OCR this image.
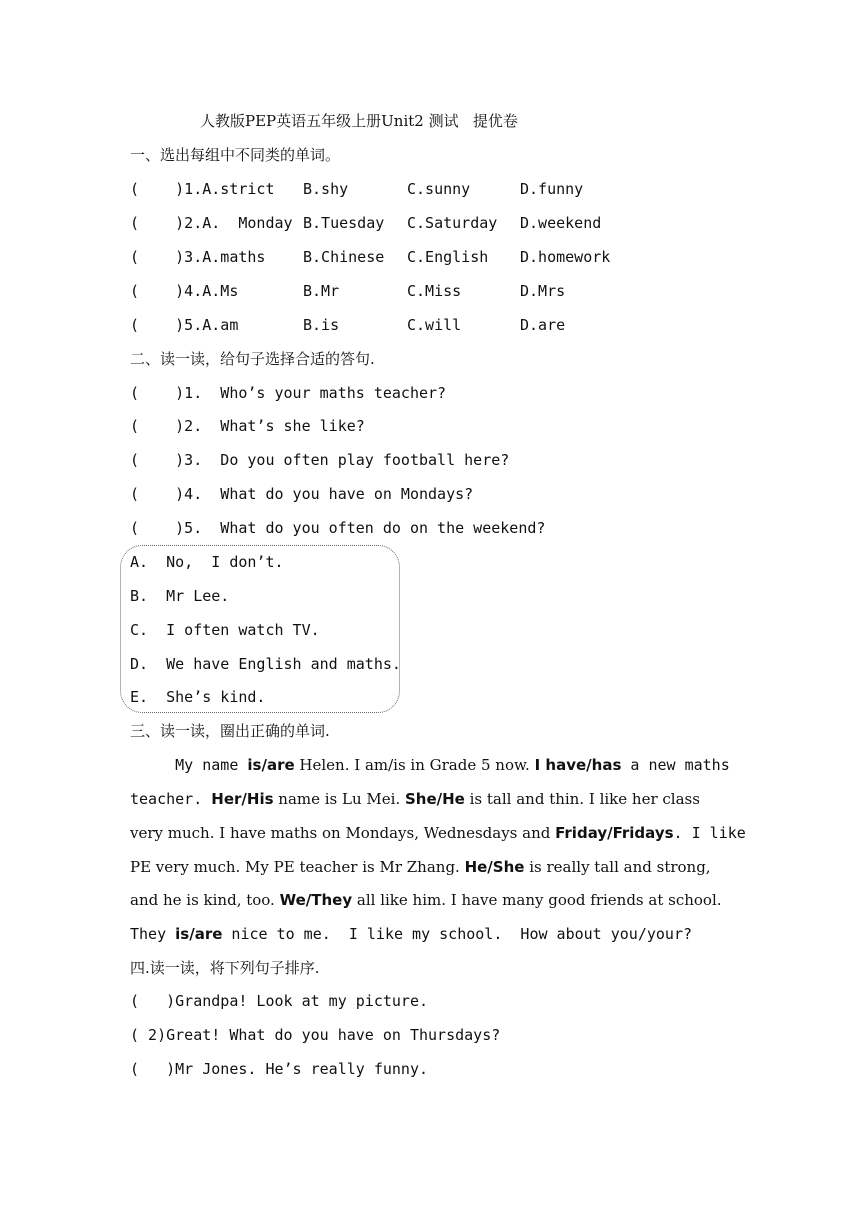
人教版PEP英语五年级上册Unit2 测试   提优卷
一、选出每组中不同类的单词。

(    )1.A.strict

B.shy

	C.sunny

	D.funny

(    )2.A.  Monday

B.Tuesday

C.Saturday

D.weekend

(    )3.A.maths

	B.Chinese

C.English

D.homework

(    )4.A.Ms

	B.Mr

	C.Miss

	D.Mrs

(    )5.A.am

	B.is

	C.will

	D.are

二、读一读，给句子选择合适的答句.
(    )1.  Who’s your maths teacher?
(    )2.  What’s she like?
(    )3.  Do you often play football here?
(    )4.  What do you have on Mondays?
(    )5.  What do you often do on the weekend?
A.  No,  I don’t.
B.  Mr Lee.
C.  I often watch TV.
D.  We have English and maths.
E.  She’s kind.
三、读一读，圈出正确的单词.
My name is/are Helen. I am/is in Grade 5 now. I have/has a new maths
teacher. Her/His name is Lu Mei. She/He is tall and thin. I like her class
very much. I have maths on Mondays, Wednesdays and Friday/Fridays. I like
PE very much. My PE teacher is Mr Zhang. He/She is really tall and strong,
and he is kind, too. We/They all like him. I have many good friends at school.
They is/are nice to me.  I like my school.  How about you/your?
四.读一读，将下列句子排序.
(   )Grandpa! Look at my picture.
( 2)Great! What do you have on Thursdays?
(   )Mr Jones. He’s really funny.
